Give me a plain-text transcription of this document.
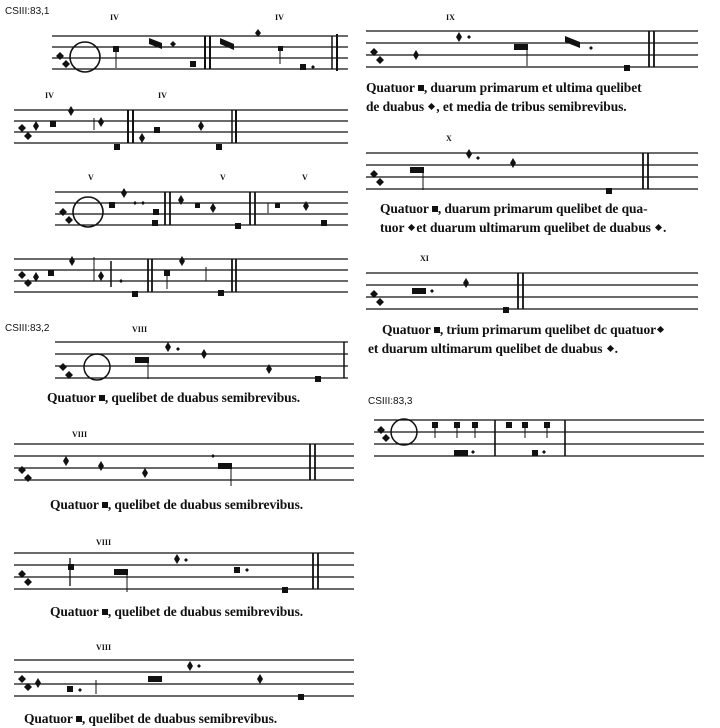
CSIII:83,1
CSIII:83,2
CSIII:83,3
IV	IV
IV	IV
V	V	V
VIII
VIII
VIII
VIII
IX
X
XI
Quatuor , quelibet de duabus semibrevibus.
Quatuor , quelibet de duabus semibrevibus.
Quatuor , quelibet de duabus semibrevibus.
Quatuor , quelibet de duabus semibrevibus.
Quatuor , duarum primarum et ultima quelibet
de duabus , et media de tribus semibrevibus.
Quatuor , duarum primarum quelibet de qua-
tuor et duarum ultimarum quelibet de duabus .
Quatuor , trium primarum quelibet dc quatuor
et duarum ultimarum quelibet de duabus .
